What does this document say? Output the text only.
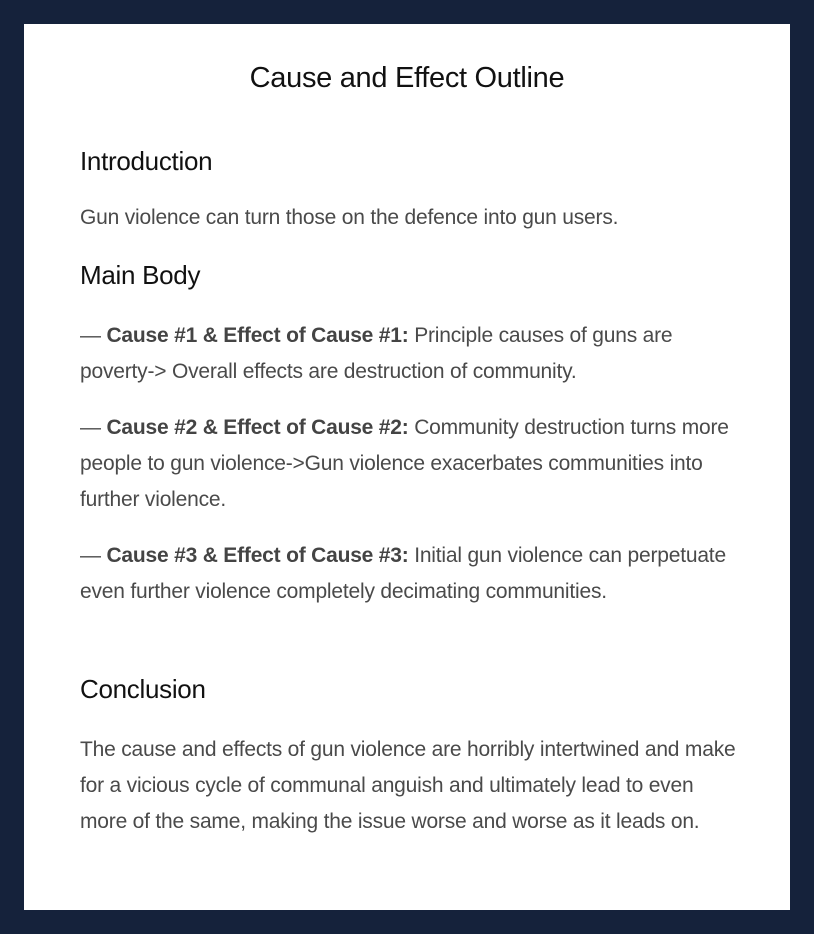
Cause and Effect Outline
Introduction

Gun violence can turn those on the defence into gun users.

Main Body

— Cause #1 & Effect of Cause #1: Principle causes of guns are poverty-> Overall effects are destruction of community.

— Cause #2 & Effect of Cause #2: Community destruction turns more people to gun violence->Gun violence exacerbates communities into further violence.

— Cause #3 & Effect of Cause #3: Initial gun violence can perpetuate even further violence completely decimating communities.

Conclusion

The cause and effects of gun violence are horribly intertwined and make for a vicious cycle of communal anguish and ultimately lead to even more of the same, making the issue worse and worse as it leads on.
